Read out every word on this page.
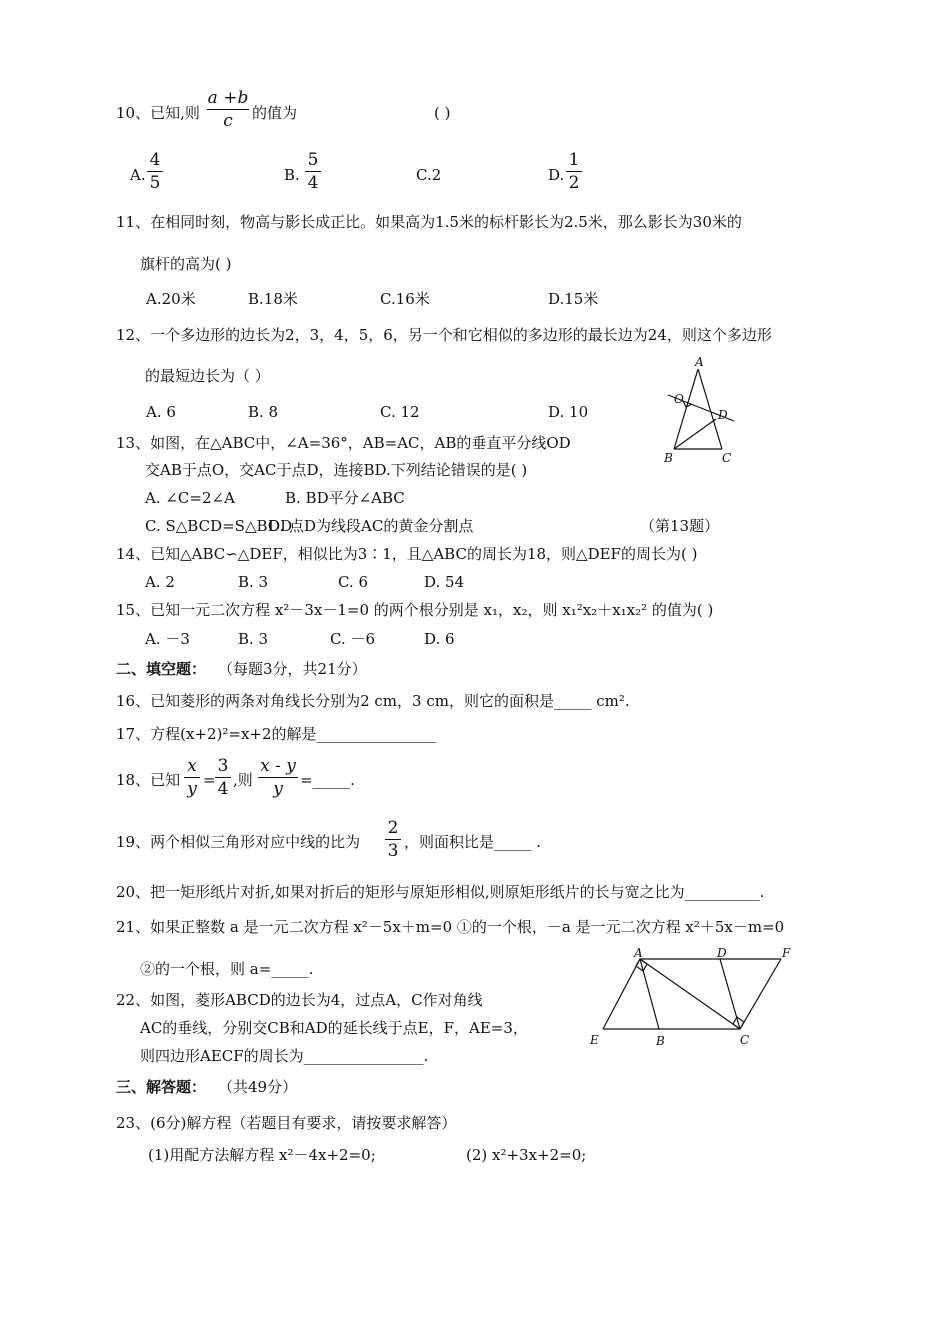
10、已知,则
a +b
c	的值为	( )
A.
4
5	B.
5
4	C.2	D.
1
2
11、在相同时刻，物高与影长成正比。如果高为1.5米的标杆影长为2.5米，那么影长为30米的
旗杆的高为( )
A.20米	B.18米	C.16米	D.15米
12、一个多边形的边长为2，3，4，5，6，另一个和它相似的多边形的最长边为24，则这个多边形
的最短边长为（ ）
A. 6	B. 8	C. 12	D. 10
A
O
D
B	C
13、如图，在△ABC中，∠A=36°，AB=AC，AB的垂直平分线OD
交AB于点O，交AC于点D，连接BD.下列结论错误的是( )
A. ∠C=2∠A	B. BD平分∠ABC
C. S△BCD=S△BOD
D. 点D为线段AC的黄金分割点	（第13题）
14、已知△ABC∽△DEF，相似比为3∶1，且△ABC的周长为18，则△DEF的周长为( )
A. 2	B. 3	C. 6	D. 54
15、已知一元二次方程 x²－3x－1=0 的两个根分别是 x₁，x₂，则 x₁²x₂＋x₁x₂² 的值为( )
A. －3	B. 3	C. －6	D. 6
二、填空题： （每题3分，共21分）
16、已知菱形的两条对角线长分别为2 cm，3 cm，则它的面积是_____ cm².
17、方程(x+2)²=x+2的解是________________
18、已知
x
y =
3
4 ,则
x - y
y	=_____.
19、两个相似三角形对应中线的比为
2
3 ，则面积比是_____ .
20、把一矩形纸片对折,如果对折后的矩形与原矩形相似,则原矩形纸片的长与宽之比为__________.
21、如果正整数 a 是一元二次方程 x²－5x＋m=0 ①的一个根，－a 是一元二次方程 x²＋5x－m=0
②的一个根，则 a=_____.
A	D	F
E	B	C
22、如图，菱形ABCD的边长为4，过点A，C作对角线
AC的垂线，分别交CB和AD的延长线于点E，F，AE=3，
则四边形AECF的周长为________________.
三、解答题： （共49分）
23、(6分)解方程（若题目有要求，请按要求解答）
(1)用配方法解方程 x²－4x+2=0;	(2) x²+3x+2=0;
